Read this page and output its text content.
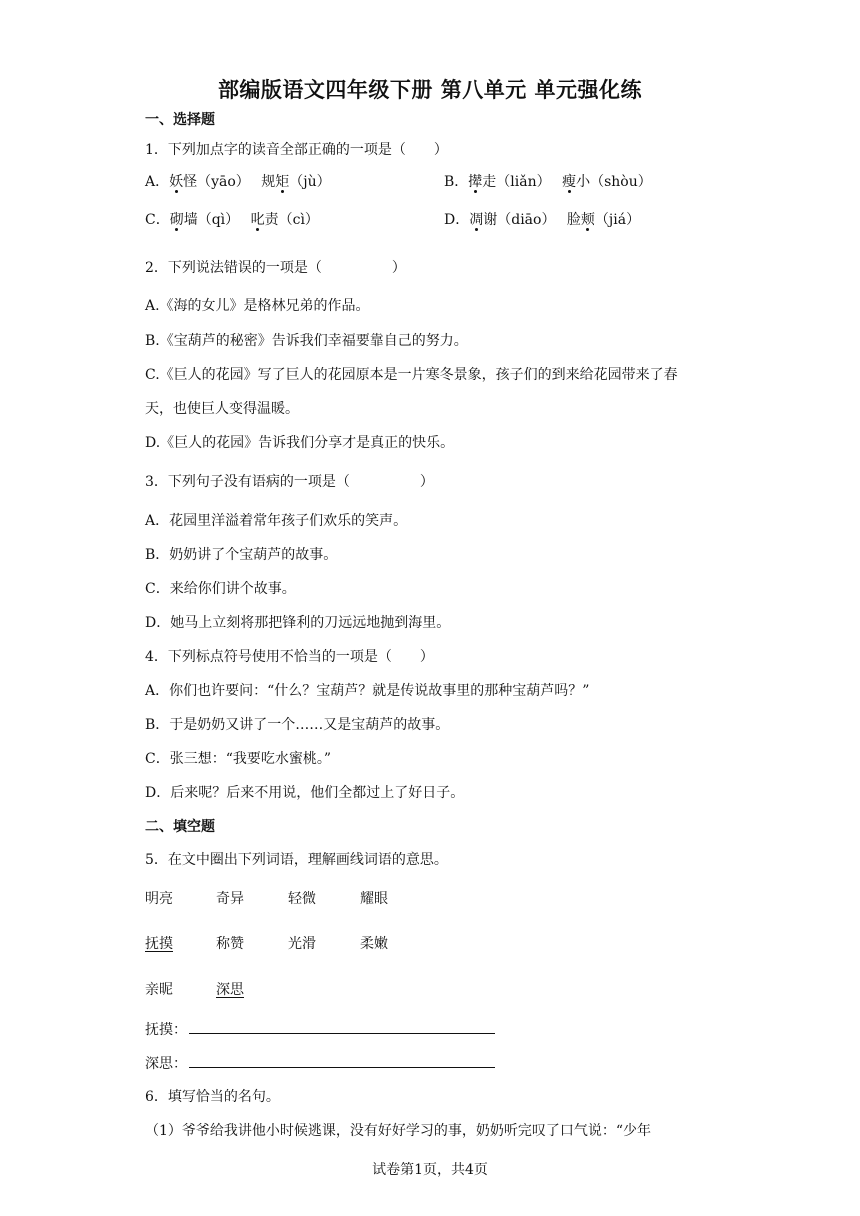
部编版语文四年级下册 第八单元 单元强化练
一、选择题
1．下列加点字的读音全部正确的一项是（　　）
A．妖怪（yāo）　 规矩（jù）	B．撵走（liǎn）　 瘦小（shòu）
C．砌墙（qì）　 叱责（cì）	D．凋谢（diāo）　 脸颊（jiá）
2．下列说法错误的一项是（　　　　　）
A.《海的女儿》是格林兄弟的作品。
B.《宝葫芦的秘密》告诉我们幸福要靠自己的努力。
C.《巨人的花园》写了巨人的花园原本是一片寒冬景象，孩子们的到来给花园带来了春
天，也使巨人变得温暖。
D.《巨人的花园》告诉我们分享才是真正的快乐。
3．下列句子没有语病的一项是（　　　　　）
A．花园里洋溢着常年孩子们欢乐的笑声。
B．奶奶讲了个宝葫芦的故事。
C．来给你们讲个故事。
D．她马上立刻将那把锋利的刀远远地抛到海里。
4．下列标点符号使用不恰当的一项是（　　）
A．你们也许要问：“什么？宝葫芦？就是传说故事里的那种宝葫芦吗？”
B．于是奶奶又讲了一个……又是宝葫芦的故事。
C．张三想：“我要吃水蜜桃。”
D．后来呢？后来不用说，他们全都过上了好日子。
二、填空题
5．在文中圈出下列词语，理解画线词语的意思。
明亮	奇异	轻微	耀眼
抚摸	称赞	光滑	柔嫩
亲昵	深思
抚摸：
深思：
6．填写恰当的名句。
（1）爷爷给我讲他小时候逃课，没有好好学习的事，奶奶听完叹了口气说：“少年
试卷第1页，共4页
